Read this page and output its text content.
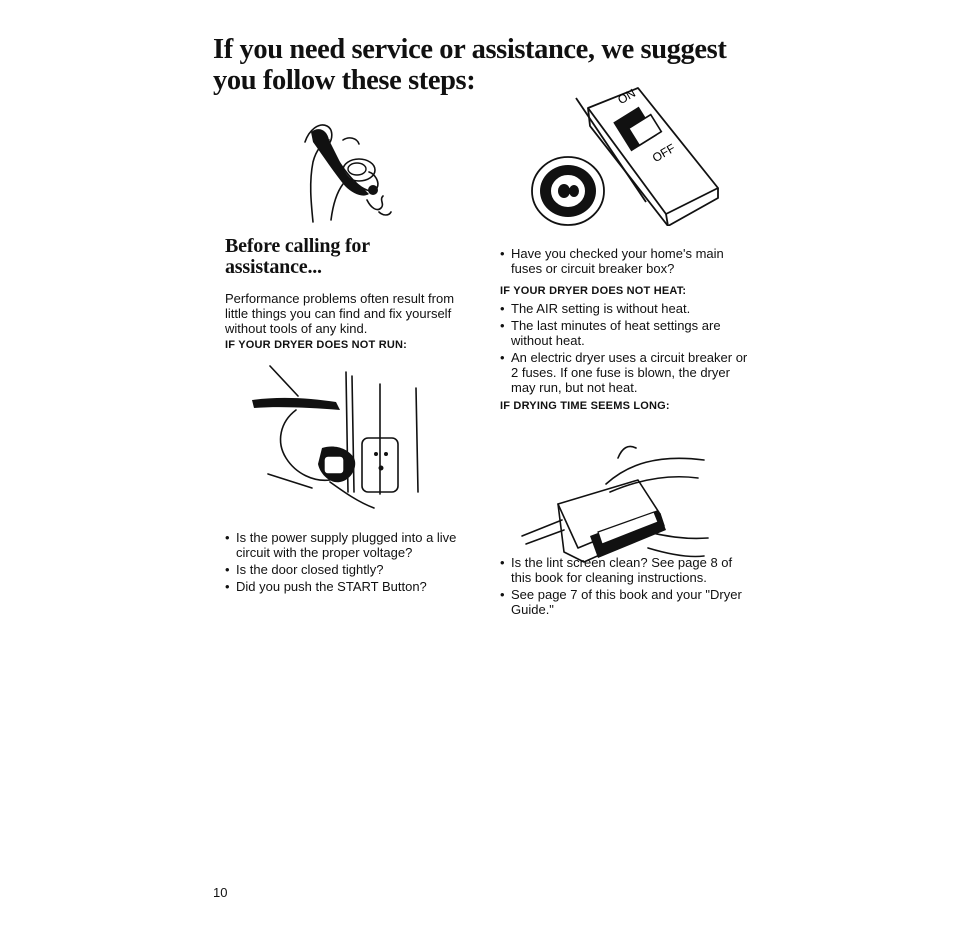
If you need service or assistance, we suggest you follow these steps:
ON
OFF
Before calling for assistance...

Performance problems often result from little things you can find and fix yourself without tools of any kind.

IF YOUR DRYER DOES NOT RUN:
• Is the power supply plugged into a live circuit with the proper voltage?
• Is the door closed tightly?
• Did you push the START Button?
• Have you checked your home's main fuses or circuit breaker box?
IF YOUR DRYER DOES NOT HEAT:
• The AIR setting is without heat.
• The last minutes of heat settings are without heat.
• An electric dryer uses a circuit breaker or 2 fuses. If one fuse is blown, the dryer may run, but not heat.
IF DRYING TIME SEEMS LONG:
• Is the lint screen clean? See page 8 of this book for cleaning instructions.
• See page 7 of this book and your "Dryer Guide."
10
